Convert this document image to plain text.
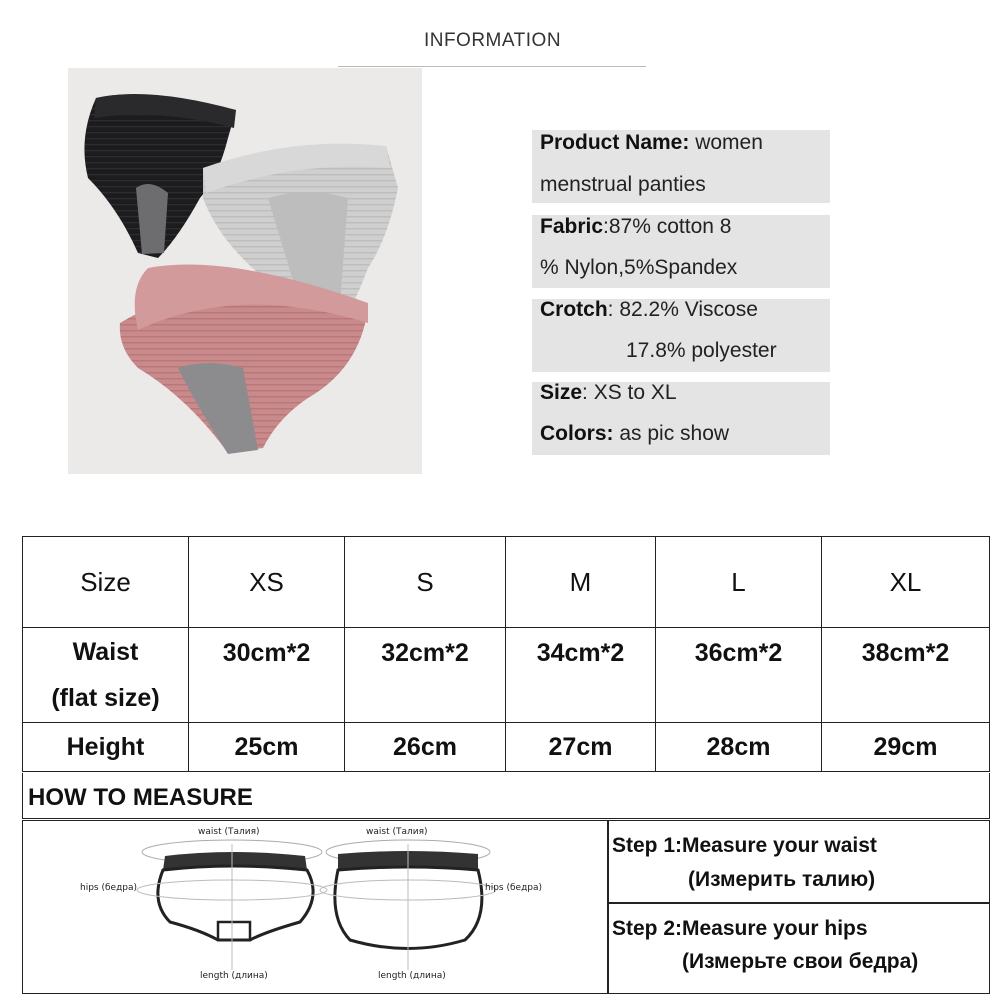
INFORMATION
Product Name: women
menstrual panties
Fabric:87% cotton 8
% Nylon,5%Spandex
Crotch: 82.2% Viscose
17.8% polyester
Size: XS to XL
Colors: as pic show
Size	XS	S	M	L	XL
Waist
(flat size)	30cm*2	32cm*2	34cm*2	36cm*2	38cm*2
Height	25cm	26cm	27cm	28cm	29cm
HOW TO MEASURE
waist (Талия)	waist (Талия)
hips (бедра)	hips (бедра)
length (длина)	length (длина)
Step 1:Measure your waist
(Измерить талию)
Step 2:Measure your hips
(Измерьте свои бедра)
